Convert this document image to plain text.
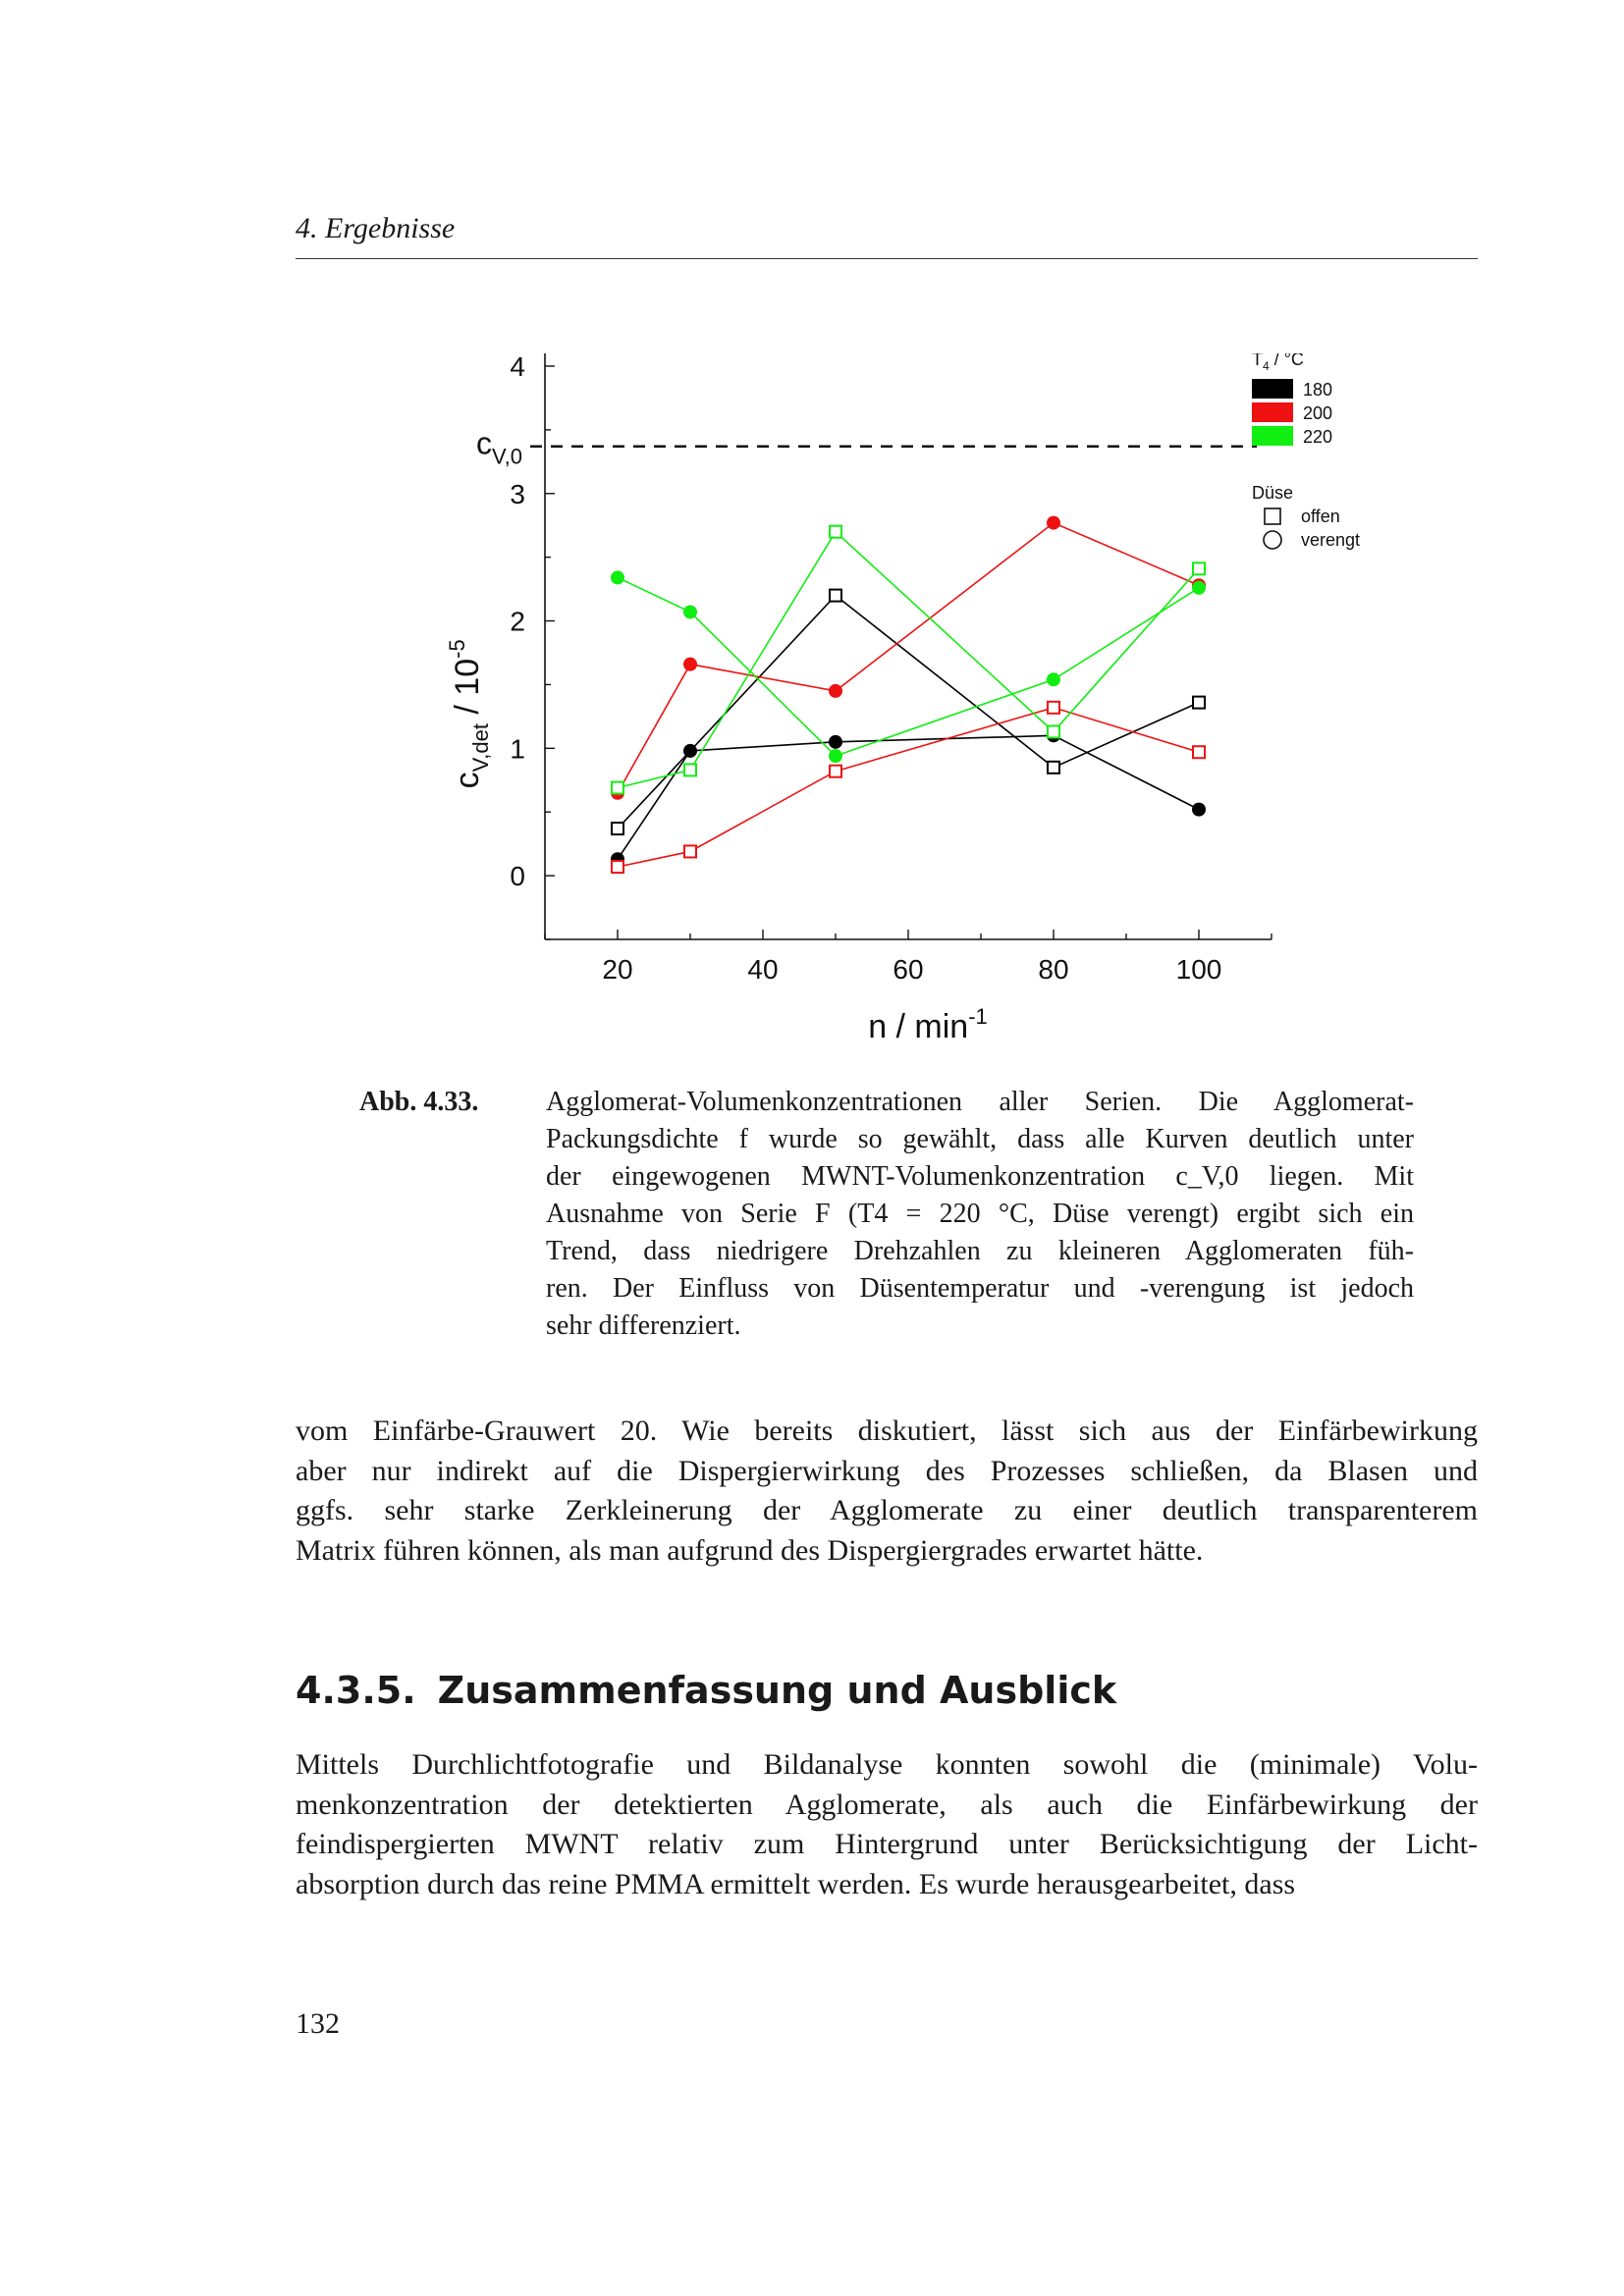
4. Ergebnisse
20	40	60	80	100
0
1
2
3
4
n / $\min^{-1}$
$c_{V,det} / 10^{-5}$
$c_{V,0}$
$T_4 / ^\circ C$
180
200
220
Düse
offen
verengt
Abb. 4.33. Agglomerat-Volumenkonzentrationen aller Serien. Die Agglomerat-
Packungsdichte f wurde so gewählt, dass alle Kurven deutlich unter
der eingewogenen MWNT-Volumenkonzentration c_V,0 liegen. Mit
Ausnahme von Serie F (T4 = 220 °C, Düse verengt) ergibt sich ein
Trend, dass niedrigere Drehzahlen zu kleineren Agglomeraten füh-
ren. Der Einfluss von Düsentemperatur und -verengung ist jedoch
sehr differenziert.
vom Einfärbe-Grauwert 20. Wie bereits diskutiert, lässt sich aus der Einfärbewirkung
aber nur indirekt auf die Dispergierwirkung des Prozesses schließen, da Blasen und
ggfs. sehr starke Zerkleinerung der Agglomerate zu einer deutlich transparenterem
Matrix führen können, als man aufgrund des Dispergiergrades erwartet hätte.
4.3.5. Zusammenfassung und Ausblick
Mittels Durchlichtfotografie und Bildanalyse konnten sowohl die (minimale) Volu-
menkonzentration der detektierten Agglomerate, als auch die Einfärbewirkung der
feindispergierten MWNT relativ zum Hintergrund unter Berücksichtigung der Licht-
absorption durch das reine PMMA ermittelt werden. Es wurde herausgearbeitet, dass
132
